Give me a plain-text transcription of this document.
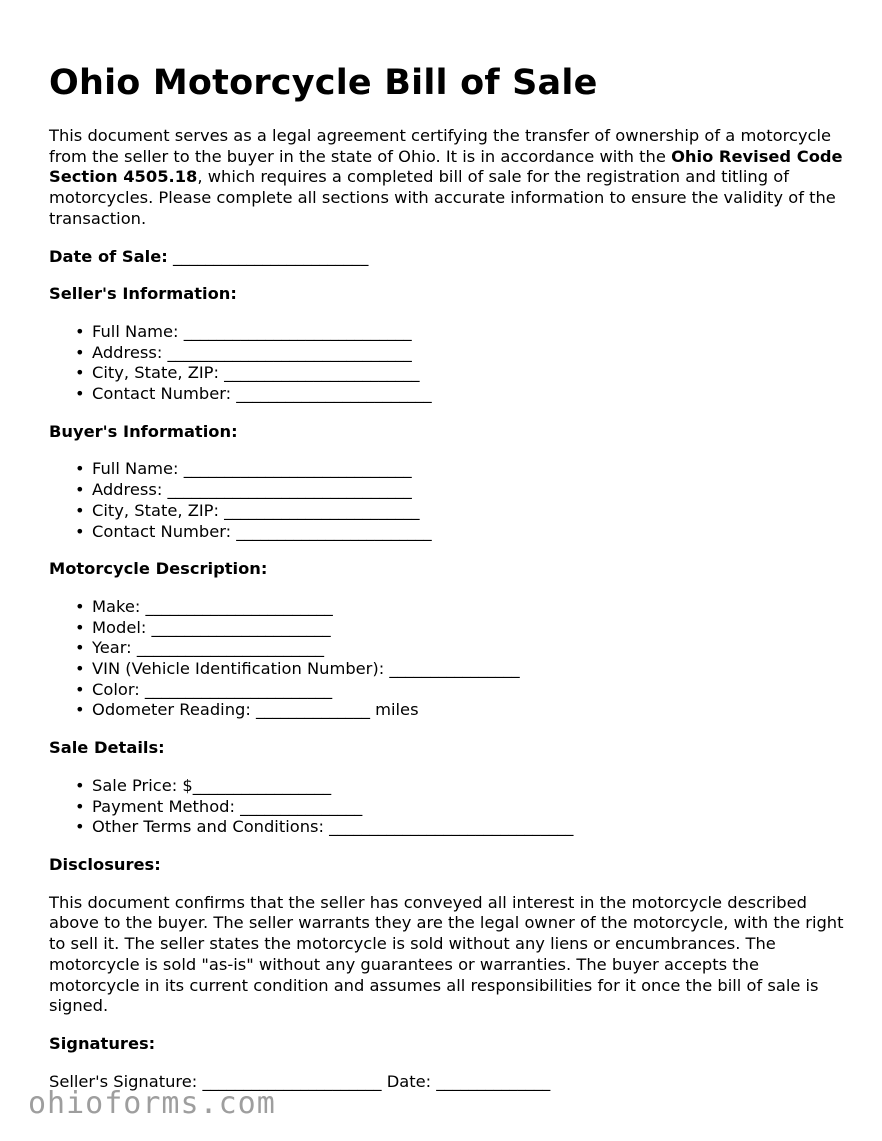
Ohio Motorcycle Bill of Sale

This document serves as a legal agreement certifying the transfer of ownership of a motorcycle from the seller to the buyer in the state of Ohio. It is in accordance with the Ohio Revised Code Section 4505.18, which requires a completed bill of sale for the registration and titling of motorcycles. Please complete all sections with accurate information to ensure the validity of the transaction.

Date of Sale: ________________________
Seller's Information:
• Full Name: ____________________________
• Address: ______________________________
• City, State, ZIP: ________________________
• Contact Number: ________________________
Buyer's Information:
• Full Name: ____________________________
• Address: ______________________________
• City, State, ZIP: ________________________
• Contact Number: ________________________
Motorcycle Description:
• Make: _______________________
• Model: ______________________
• Year: _______________________
• VIN (Vehicle Identification Number): ________________
• Color: _______________________
• Odometer Reading: ______________ miles
Sale Details:
• Sale Price: $_________________
• Payment Method: _______________
• Other Terms and Conditions: ______________________________
Disclosures:

This document confirms that the seller has conveyed all interest in the motorcycle described above to the buyer. The seller warrants they are the legal owner of the motorcycle, with the right to sell it. The seller states the motorcycle is sold without any liens or encumbrances. The motorcycle is sold "as-is" without any guarantees or warranties. The buyer accepts the motorcycle in its current condition and assumes all responsibilities for it once the bill of sale is signed.

Signatures:
Seller's Signature: ______________________ Date: ______________
ohioforms.com
